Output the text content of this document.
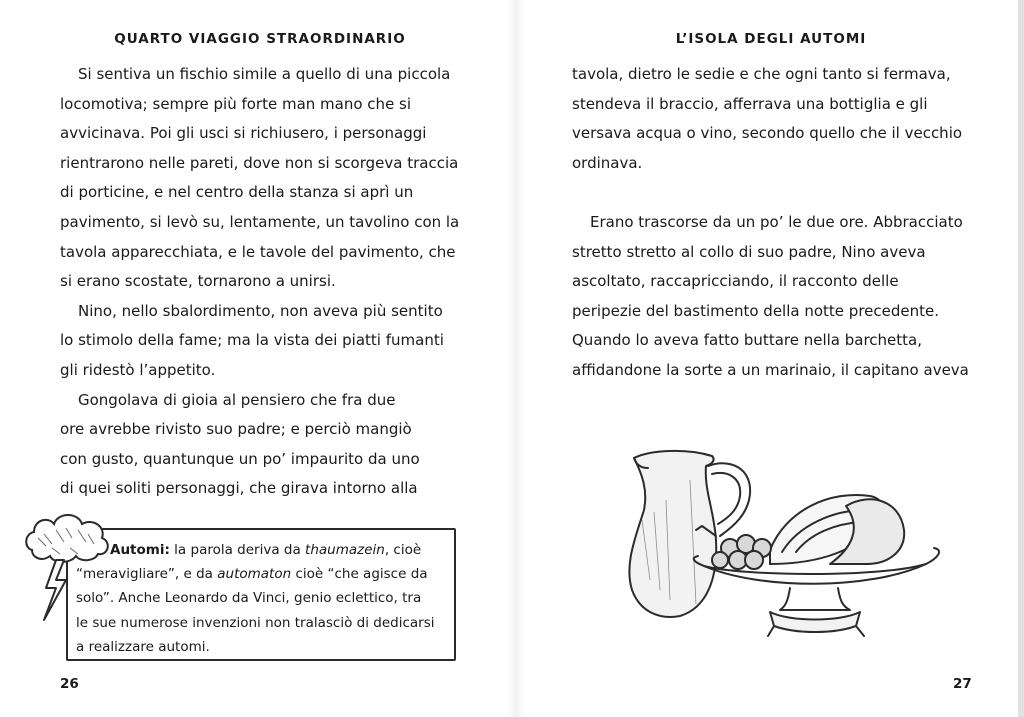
QUARTO VIAGGIO STRAORDINARIO
Si sentiva un fischio simile a quello di una piccola
locomotiva; sempre più forte man mano che si
avvicinava. Poi gli usci si richiusero, i personaggi
rientrarono nelle pareti, dove non si scorgeva traccia
di porticine, e nel centro della stanza si aprì un
pavimento, si levò su, lentamente, un tavolino con la
tavola apparecchiata, e le tavole del pavimento, che
si erano scostate, tornarono a unirsi.
Nino, nello sbalordimento, non aveva più sentito
lo stimolo della fame; ma la vista dei piatti fumanti
gli ridestò l’appetito.
Gongolava di gioia al pensiero che fra due
ore avrebbe rivisto suo padre; e perciò mangiò
con gusto, quantunque un po’ impaurito da uno
di quei soliti personaggi, che girava intorno alla
Automi: la parola deriva da thaumazein, cioè
“meravigliare”, e da automaton cioè “che agisce da
solo”. Anche Leonardo da Vinci, genio eclettico, tra
le sue numerose invenzioni non tralasciò di dedicarsi
a realizzare automi.
26
L’ISOLA DEGLI AUTOMI
tavola, dietro le sedie e che ogni tanto si fermava,
stendeva il braccio, afferrava una bottiglia e gli
versava acqua o vino, secondo quello che il vecchio
ordinava.
Erano trascorse da un po’ le due ore. Abbracciato
stretto stretto al collo di suo padre, Nino aveva
ascoltato, raccapricciando, il racconto delle
peripezie del bastimento della notte precedente.
Quando lo aveva fatto buttare nella barchetta,
affidandone la sorte a un marinaio, il capitano aveva
27
